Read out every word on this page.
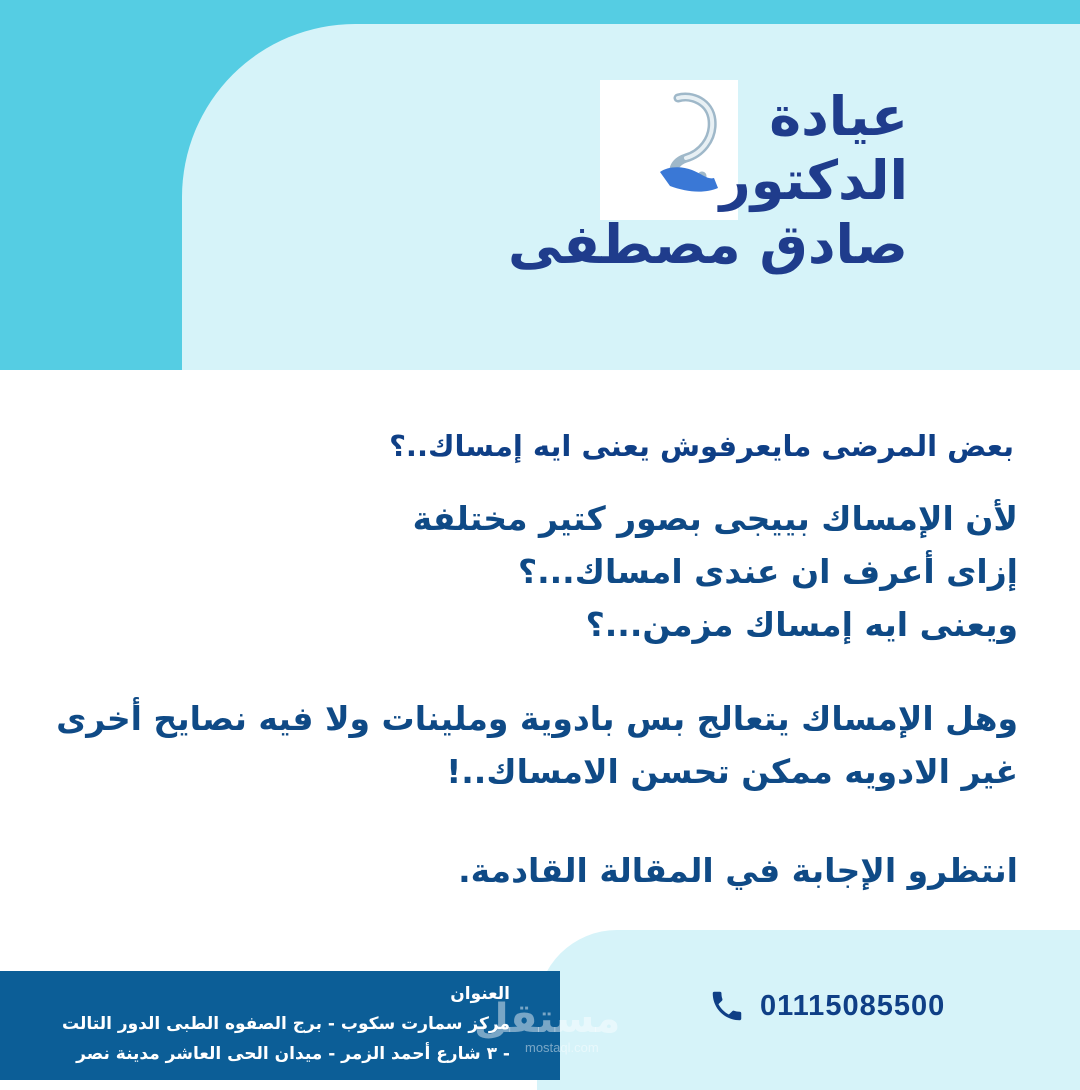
عيادة
الدكتور
صادق مصطفى
بعض المرضى مايعرفوش يعنى ايه إمساك..؟
لأن الإمساك بييجى بصور كتير مختلفة
إزاى أعرف ان عندى امساك...؟
ويعنى ايه إمساك مزمن...؟
وهل الإمساك يتعالج بس بادوية وملينات ولا فيه نصايح أخرى
غير الادويه ممكن تحسن الامساك..!
انتظرو الإجابة في المقالة القادمة.
01115085500
مستقل
mostaql.com
العنوان
مركز سمارت سكوب - برج الصفوه الطبى الدور التالت
- ٣ شارع أحمد الزمر - ميدان الحى العاشر مدينة نصر
